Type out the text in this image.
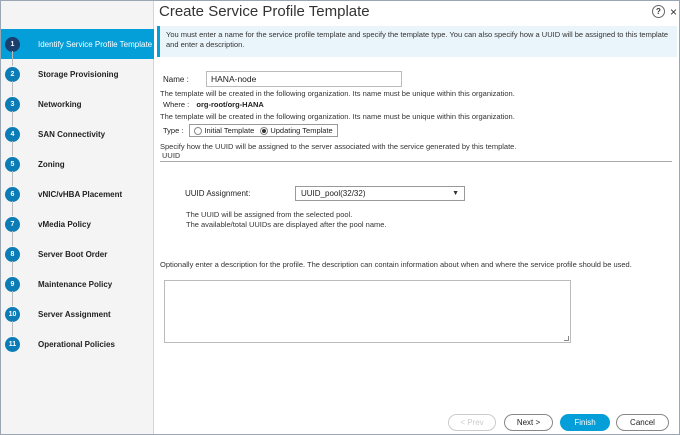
1	Identify Service Profile Template
2	Storage Provisioning
3	Networking
4	SAN Connectivity
5	Zoning
6	vNIC/vHBA Placement
7	vMedia Policy
8	Server Boot Order
9	Maintenance Policy
10	Server Assignment
11	Operational Policies
Create Service Profile Template	? ×
You must enter a name for the service profile template and specify the template type. You can also specify how a UUID will be assigned to this template and enter a description.
Name :
HANA-node
The template will be created in the following organization. Its name must be unique within this organization.
Where : org-root/org-HANA
The template will be created in the following organization. Its name must be unique within this organization.
Type :	Initial Template Updating Template
Specify how the UUID will be assigned to the server associated with the service generated by this template.
UUID
UUID Assignment:	UUID_pool(32/32)	▼
The UUID will be assigned from the selected pool.
The available/total UUIDs are displayed after the pool name.
Optionally enter a description for the profile. The description can contain information about when and where the service profile should be used.
< Prev	Next >	Finish	Cancel
